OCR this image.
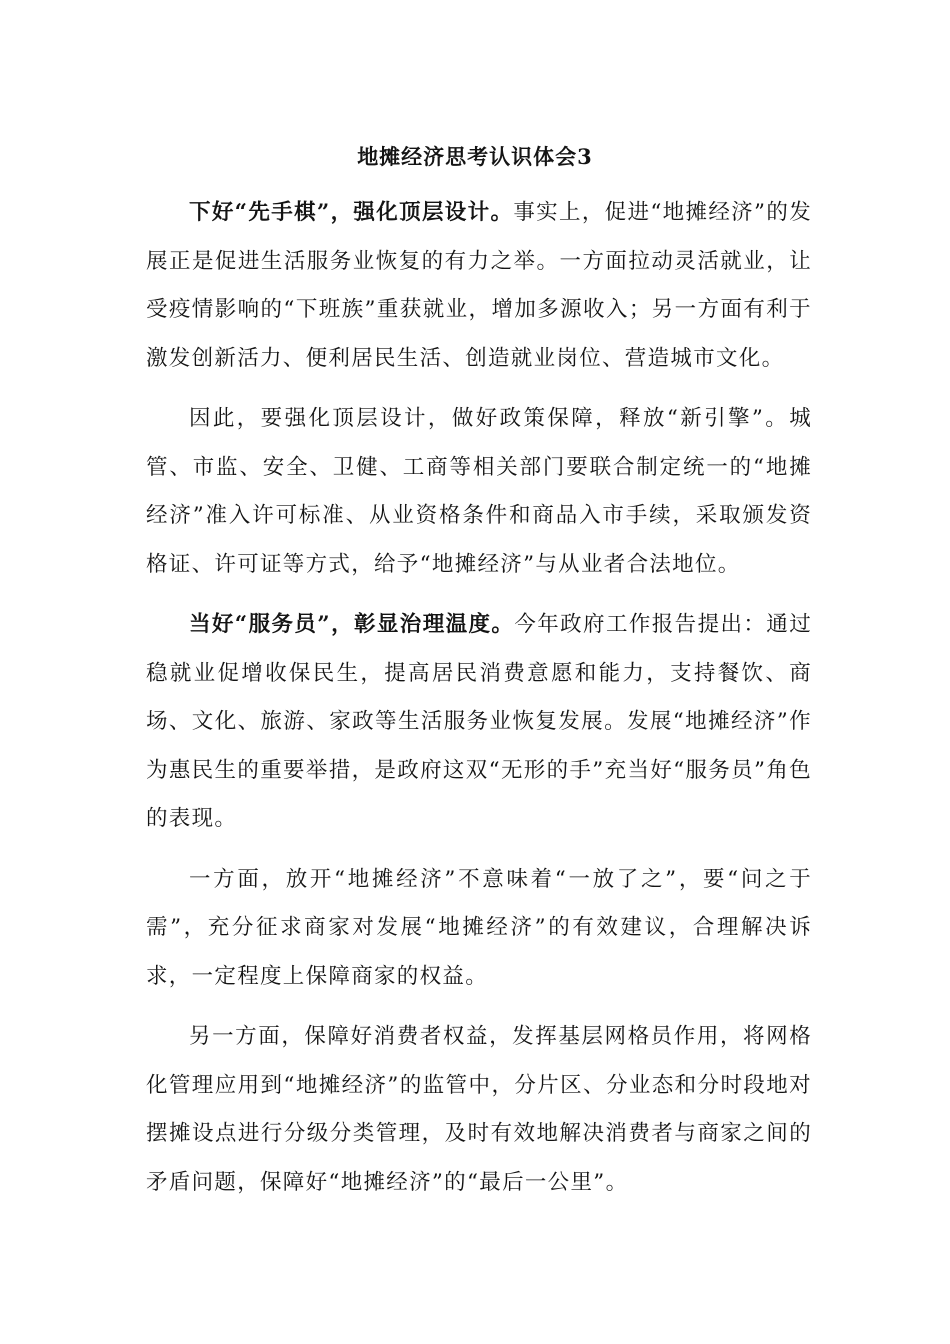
地摊经济思考认识体会3

下好“先手棋”，强化顶层设计。事实上，促进“地摊经济”的发展正是促进生活服务业恢复的有力之举。一方面拉动灵活就业，让受疫情影响的“下班族”重获就业，增加多源收入；另一方面有利于激发创新活力、便利居民生活、创造就业岗位、营造城市文化。

因此，要强化顶层设计，做好政策保障，释放“新引擎”。城管、市监、安全、卫健、工商等相关部门要联合制定统一的“地摊经济”准入许可标准、从业资格条件和商品入市手续，采取颁发资格证、许可证等方式，给予“地摊经济”与从业者合法地位。

当好“服务员”，彰显治理温度。今年政府工作报告提出：通过稳就业促增收保民生，提高居民消费意愿和能力，支持餐饮、商场、文化、旅游、家政等生活服务业恢复发展。发展“地摊经济”作为惠民生的重要举措，是政府这双“无形的手”充当好“服务员”角色的表现。

一方面，放开“地摊经济”不意味着“一放了之”，要“问之于需”，充分征求商家对发展“地摊经济”的有效建议，合理解决诉求，一定程度上保障商家的权益。

另一方面，保障好消费者权益，发挥基层网格员作用，将网格化管理应用到“地摊经济”的监管中，分片区、分业态和分时段地对摆摊设点进行分级分类管理，及时有效地解决消费者与商家之间的矛盾问题，保障好“地摊经济”的“最后一公里”。
